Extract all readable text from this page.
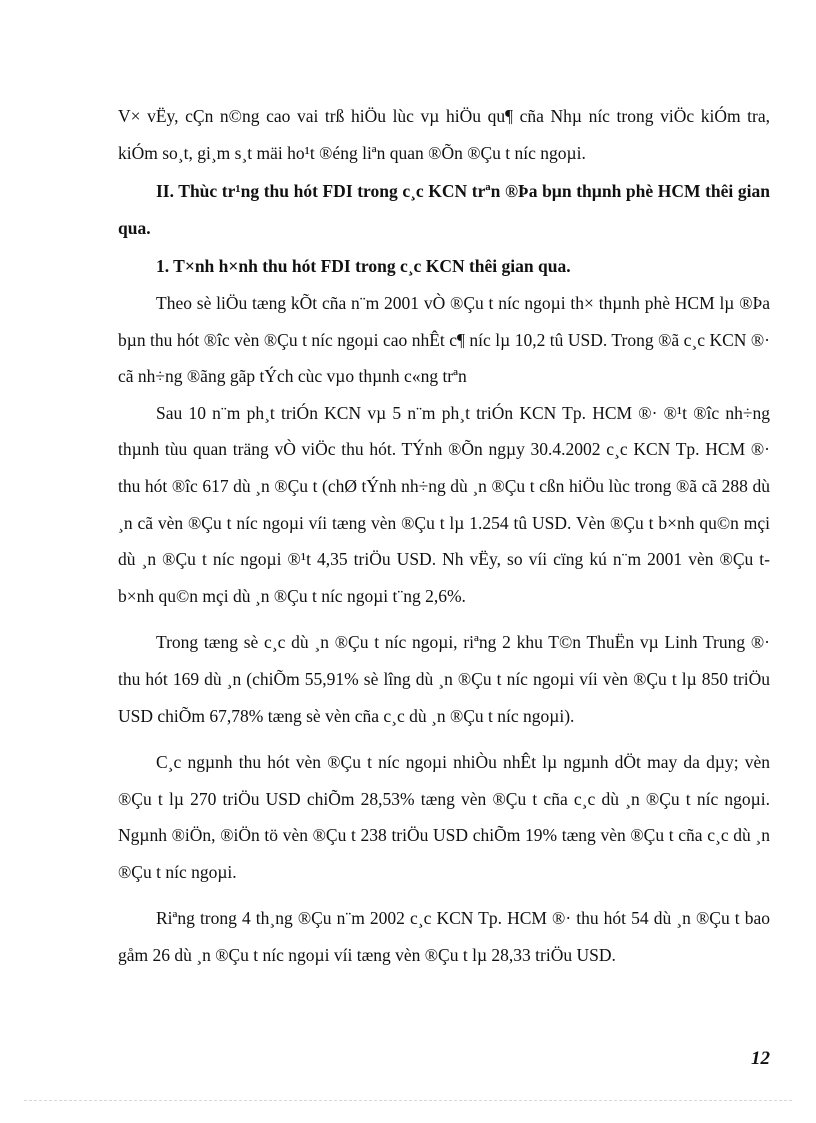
V× vËy, cÇn n©ng cao vai trß hiÖu lùc vµ hiÖu qu¶ cña Nhµ níc trong viÖc kiÓm tra, kiÓm so¸t, gi¸m s¸t mäi ho¹t ®éng liªn quan ®Õn ®Çu t níc ngoµi.

II. Thùc tr¹ng thu hót FDI trong c¸c KCN trªn ®Þa bµn thµnh phè HCM thêi gian qua.

1. T×nh h×nh thu hót FDI trong c¸c KCN thêi gian qua.

Theo sè liÖu tæng kÕt cña n¨m 2001 vÒ ®Çu t níc ngoµi th× thµnh phè HCM lµ ®Þa bµn thu hót ®îc vèn ®Çu t níc ngoµi cao nhÊt c¶ níc lµ 10,2 tû USD. Trong ®ã c¸c KCN ®· cã nh÷ng ®ãng gãp tÝch cùc vµo thµnh c«ng trªn

Sau 10 n¨m ph¸t triÓn KCN vµ 5 n¨m ph¸t triÓn KCN Tp. HCM ®· ®¹t ®îc nh÷ng thµnh tùu quan träng vÒ viÖc thu hót. TÝnh ®Õn ngµy 30.4.2002 c¸c KCN Tp. HCM ®· thu hót ®îc 617 dù ¸n ®Çu t (chØ tÝnh nh÷ng dù ¸n ®Çu t cßn hiÖu lùc trong ®ã cã 288 dù ¸n cã vèn ®Çu t níc ngoµi víi tæng vèn ®Çu t lµ 1.254 tû USD. Vèn ®Çu t b×nh qu©n mçi dù ¸n ®Çu t níc ngoµi ®¹t 4,35 triÖu USD. Nh vËy, so víi cïng kú n¨m 2001 vèn ®Çu t b×nh qu©n mçi dù ¸n ®Çu t níc ngoµi t¨ng 2,6%.

Trong tæng sè c¸c dù ¸n ®Çu t níc ngoµi, riªng 2 khu T©n ThuËn vµ Linh Trung ®· thu hót 169 dù ¸n (chiÕm 55,91% sè lîng dù ¸n ®Çu t níc ngoµi víi vèn ®Çu t lµ 850 triÖu USD chiÕm 67,78% tæng sè vèn cña c¸c dù ¸n ®Çu t níc ngoµi).

C¸c ngµnh thu hót vèn ®Çu t níc ngoµi nhiÒu nhÊt lµ ngµnh dÖt may da dµy; vèn ®Çu t lµ 270 triÖu USD chiÕm 28,53% tæng vèn ®Çu t cña c¸c dù ¸n ®Çu t níc ngoµi. Ngµnh ®iÖn, ®iÖn tö vèn ®Çu t 238 triÖu USD chiÕm 19% tæng vèn ®Çu t cña c¸c dù ¸n ®Çu t níc ngoµi.

Riªng trong 4 th¸ng ®Çu n¨m 2002 c¸c KCN Tp. HCM ®· thu hót 54 dù ¸n ®Çu t bao gåm 26 dù ¸n ®Çu t níc ngoµi víi tæng vèn ®Çu t lµ 28,33 triÖu USD.

12
